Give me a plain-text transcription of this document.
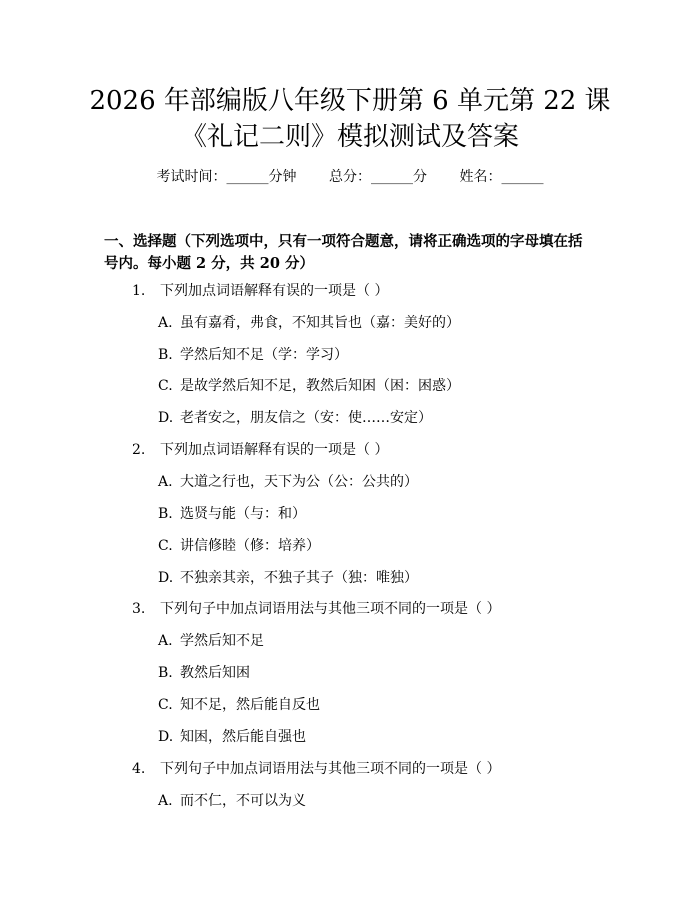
2026 年部编版八年级下册第 6 单元第 22 课
《礼记二则》模拟测试及答案
考试时间：______分钟 总分：______分 姓名：______

一、选择题（下列选项中，只有一项符合题意，请将正确选项的字母填在括号内。每小题 2 分，共 20 分）

1. 下列加点词语解释有误的一项是（ ）
A. 虽有嘉肴，弗食，不知其旨也（嘉：美好的）
B. 学然后知不足（学：学习）
C. 是故学然后知不足，教然后知困（困：困惑）
D. 老者安之，朋友信之（安：使……安定）
2. 下列加点词语解释有误的一项是（ ）
A. 大道之行也，天下为公（公：公共的）
B. 选贤与能（与：和）
C. 讲信修睦（修：培养）
D. 不独亲其亲，不独子其子（独：唯独）
3. 下列句子中加点词语用法与其他三项不同的一项是（ ）
A. 学然后知不足
B. 教然后知困
C. 知不足，然后能自反也
D. 知困，然后能自强也
4. 下列句子中加点词语用法与其他三项不同的一项是（ ）
A. 而不仁，不可以为义
